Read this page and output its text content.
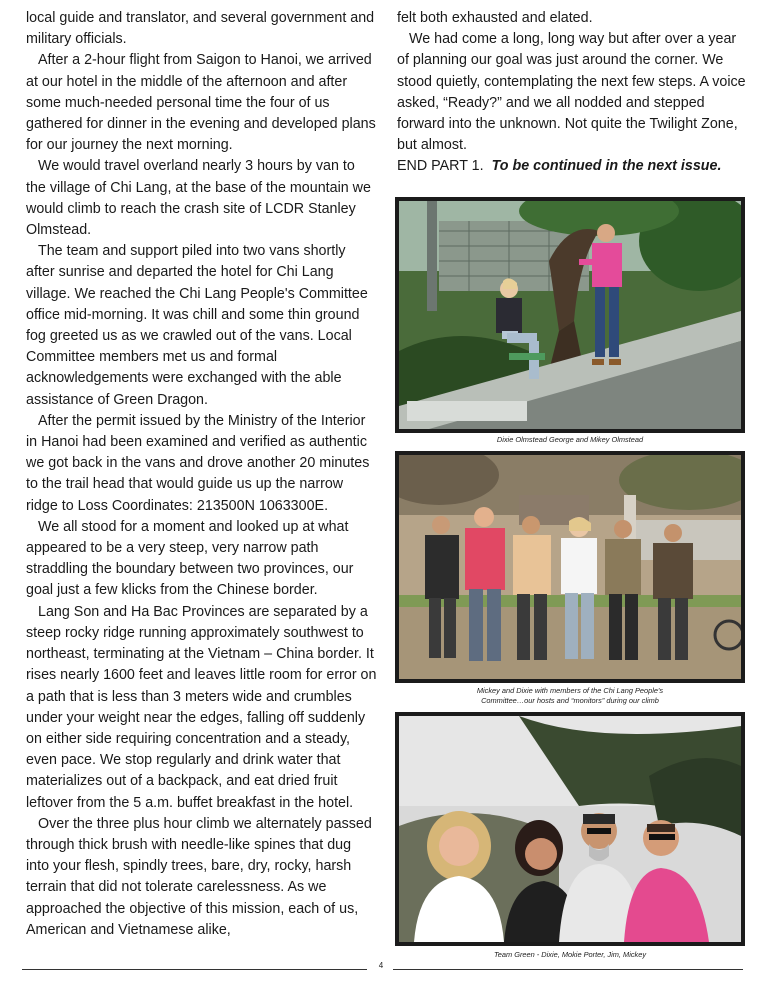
local guide and translator, and several government and military officials.

After a 2-hour flight from Saigon to Hanoi, we arrived at our hotel in the middle of the afternoon and after some much-needed personal time the four of us gathered for dinner in the evening and developed plans for our journey the next morning.

We would travel overland nearly 3 hours by van to the village of Chi Lang, at the base of the mountain we would climb to reach the crash site of LCDR Stanley Olmstead.

The team and support piled into two vans shortly after sunrise and departed the hotel for Chi Lang village. We reached the Chi Lang People's Committee office mid-morning. It was chill and some thin ground fog greeted us as we crawled out of the vans. Local Committee members met us and formal acknowledgements were exchanged with the able assistance of Green Dragon.

After the permit issued by the Ministry of the Interior in Hanoi had been examined and verified as authentic we got back in the vans and drove another 20 minutes to the trail head that would guide us up the narrow ridge to Loss Coordinates: 213500N 1063300E.

We all stood for a moment and looked up at what appeared to be a very steep, very narrow path straddling the boundary between two provinces, our goal just a few klicks from the Chinese border.

Lang Son and Ha Bac Provinces are separated by a steep rocky ridge running approximately southwest to northeast, terminating at the Vietnam – China border. It rises nearly 1600 feet and leaves little room for error on a path that is less than 3 meters wide and crumbles under your weight near the edges, falling off suddenly on either side requiring concentration and a steady, even pace. We stop regularly and drink water that materializes out of a backpack, and eat dried fruit leftover from the 5 a.m. buffet breakfast in the hotel.

Over the three plus hour climb we alternately passed through thick brush with needle-like spines that dug into your flesh, spindly trees, bare, dry, rocky, harsh terrain that did not tolerate carelessness. As we approached the objective of this mission, each of us, American and Vietnamese alike,

felt both exhausted and elated.

We had come a long, long way but after over a year of planning our goal was just around the corner. We stood quietly, contemplating the next few steps. A voice asked, “Ready?” and we all nodded and stepped forward into the unknown. Not quite the Twilight Zone, but almost.

END PART 1. To be continued in the next issue.

Dixie Olmstead George and Mikey Olmstead
Mickey and Dixie with members of the Chi Lang People's
Committee…our hosts and “monitors” during our climb
Team Green - Dixie, Mokie Porter, Jim, Mickey
4
